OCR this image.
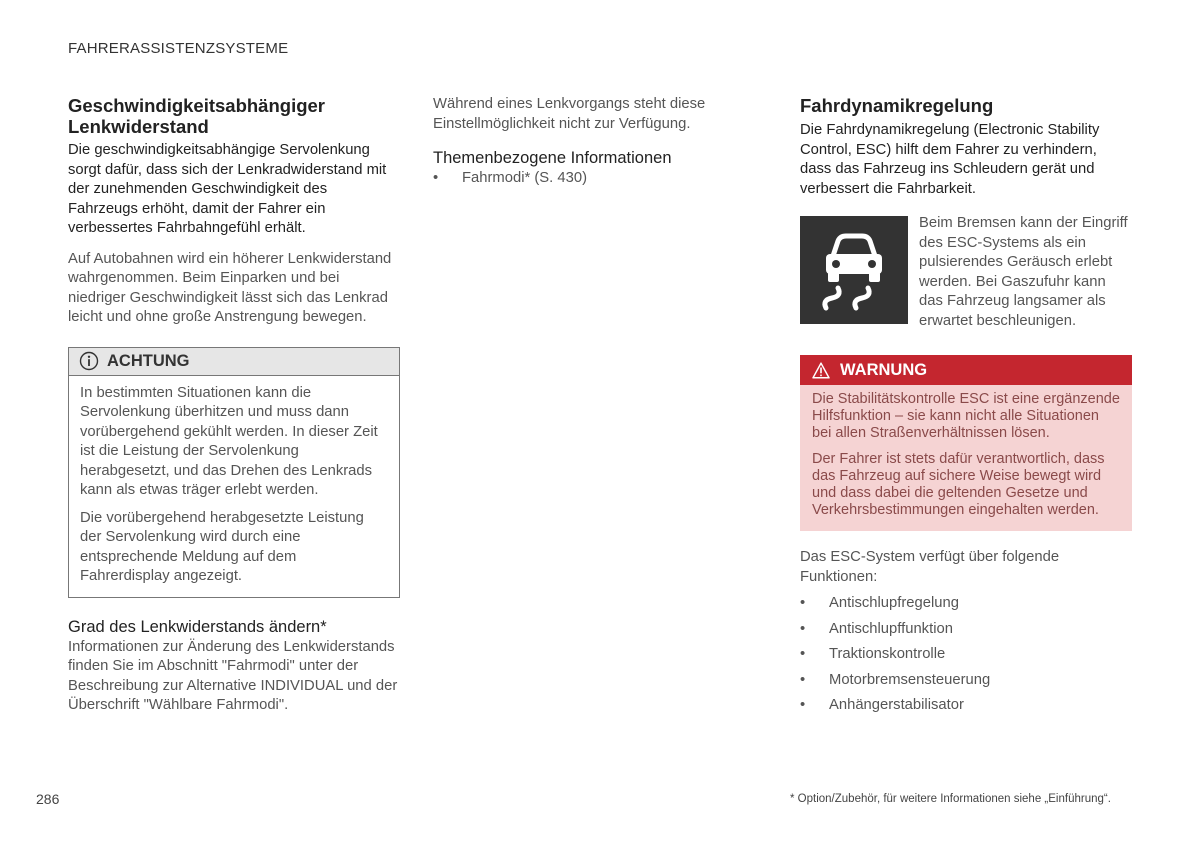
FAHRERASSISTENZSYSTEME
Geschwindigkeitsabhängiger Lenkwiderstand

Die geschwindigkeitsabhängige Servolenkung sorgt dafür, dass sich der Lenkradwiderstand mit der zunehmenden Geschwindigkeit des Fahrzeugs erhöht, damit der Fahrer ein verbessertes Fahrbahngefühl erhält.

Auf Autobahnen wird ein höherer Lenkwiderstand wahrgenommen. Beim Einparken und bei niedriger Geschwindigkeit lässt sich das Lenkrad leicht und ohne große Anstrengung bewegen.

ACHTUNG

In bestimmten Situationen kann die Servolenkung überhitzen und muss dann vorübergehend gekühlt werden. In dieser Zeit ist die Leistung der Servolenkung herabgesetzt, und das Drehen des Lenkrads kann als etwas träger erlebt werden.

Die vorübergehend herabgesetzte Leistung der Servolenkung wird durch eine entsprechende Meldung auf dem Fahrerdisplay angezeigt.

Grad des Lenkwiderstands ändern*

Informationen zur Änderung des Lenkwiderstands finden Sie im Abschnitt "Fahrmodi" unter der Beschreibung zur Alternative INDIVIDUAL und der Überschrift "Wählbare Fahrmodi".

Während eines Lenkvorgangs steht diese Einstellmöglichkeit nicht zur Verfügung.

Themenbezogene Informationen
•	Fahrmodi* (S. 430)
Fahrdynamikregelung

Die Fahrdynamikregelung (Electronic Stability Control, ESC) hilft dem Fahrer zu verhindern, dass das Fahrzeug ins Schleudern gerät und verbessert die Fahrbarkeit.

Beim Bremsen kann der Eingriff des ESC-Systems als ein pulsierendes Geräusch erlebt werden. Bei Gaszufuhr kann das Fahrzeug langsamer als erwartet beschleunigen.

WARNUNG

Die Stabilitätskontrolle ESC ist eine ergänzende Hilfsfunktion – sie kann nicht alle Situationen bei allen Straßenverhältnissen lösen.

Der Fahrer ist stets dafür verantwortlich, dass das Fahrzeug auf sichere Weise bewegt wird und dass dabei die geltenden Gesetze und Verkehrsbestimmungen eingehalten werden.

Das ESC-System verfügt über folgende Funktionen:

•	Antischlupfregelung
•	Antischlupffunktion
•	Traktionskontrolle
•	Motorbremsensteuerung
•	Anhängerstabilisator
286	* Option/Zubehör, für weitere Informationen siehe „Einführung“.
